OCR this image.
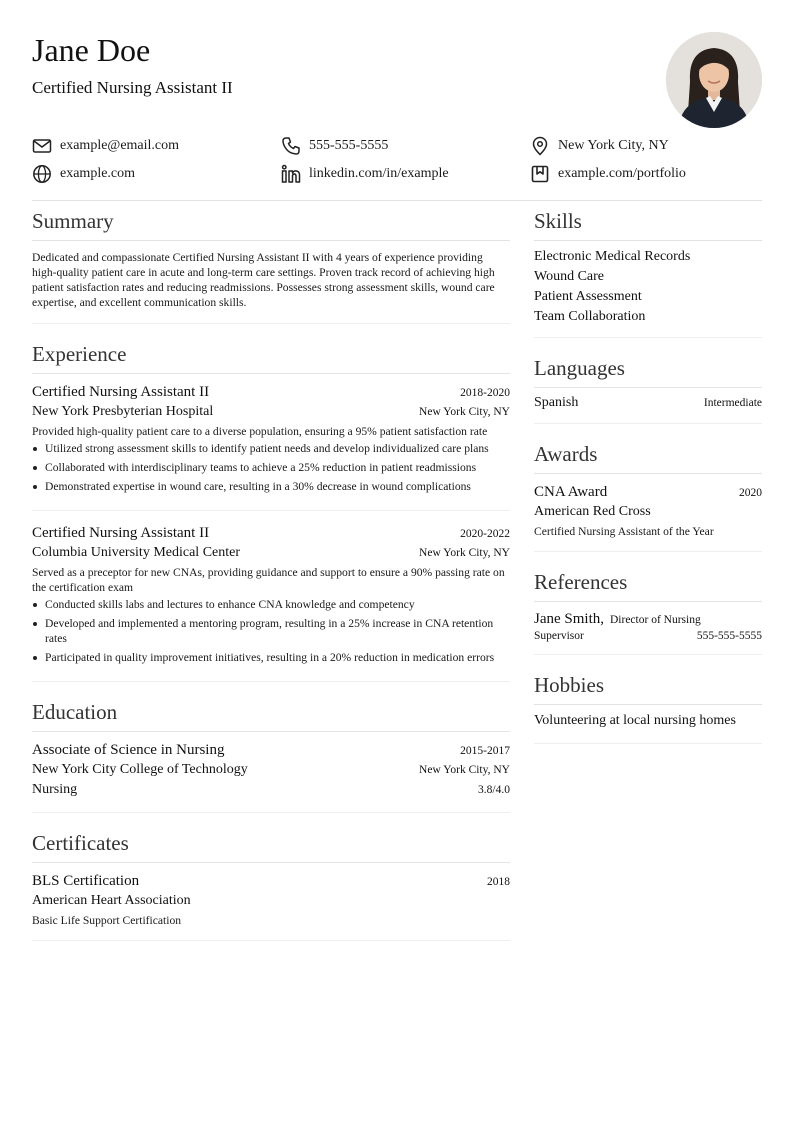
Jane Doe
Certified Nursing Assistant II
example@email.com	555-555-5555	New York City, NY
example.com	linkedin.com/in/example	example.com/portfolio
Summary
Dedicated and compassionate Certified Nursing Assistant II with 4 years of experience providing high-quality patient care in acute and long-term care settings. Proven track record of achieving high patient satisfaction rates and reducing readmissions. Possesses strong assessment skills, wound care expertise, and excellent communication skills.
Experience
Certified Nursing Assistant II	2018-2020
New York Presbyterian Hospital	New York City, NY
Provided high-quality patient care to a diverse population, ensuring a 95% patient satisfaction rate
Utilized strong assessment skills to identify patient needs and develop individualized care plans
Collaborated with interdisciplinary teams to achieve a 25% reduction in patient readmissions
Demonstrated expertise in wound care, resulting in a 30% decrease in wound complications
Certified Nursing Assistant II	2020-2022
Columbia University Medical Center	New York City, NY
Served as a preceptor for new CNAs, providing guidance and support to ensure a 90% passing rate on the certification exam
Conducted skills labs and lectures to enhance CNA knowledge and competency
Developed and implemented a mentoring program, resulting in a 25% increase in CNA retention rates
Participated in quality improvement initiatives, resulting in a 20% reduction in medication errors
Education
Associate of Science in Nursing	2015-2017
New York City College of Technology	New York City, NY
Nursing	3.8/4.0
Certificates
BLS Certification	2018
American Heart Association
Basic Life Support Certification
Skills
Electronic Medical Records
Wound Care
Patient Assessment
Team Collaboration
Languages
Spanish	Intermediate
Awards
CNA Award	2020
American Red Cross
Certified Nursing Assistant of the Year
References
Jane Smith, Director of Nursing
Supervisor	555-555-5555
Hobbies
Volunteering at local nursing homes
